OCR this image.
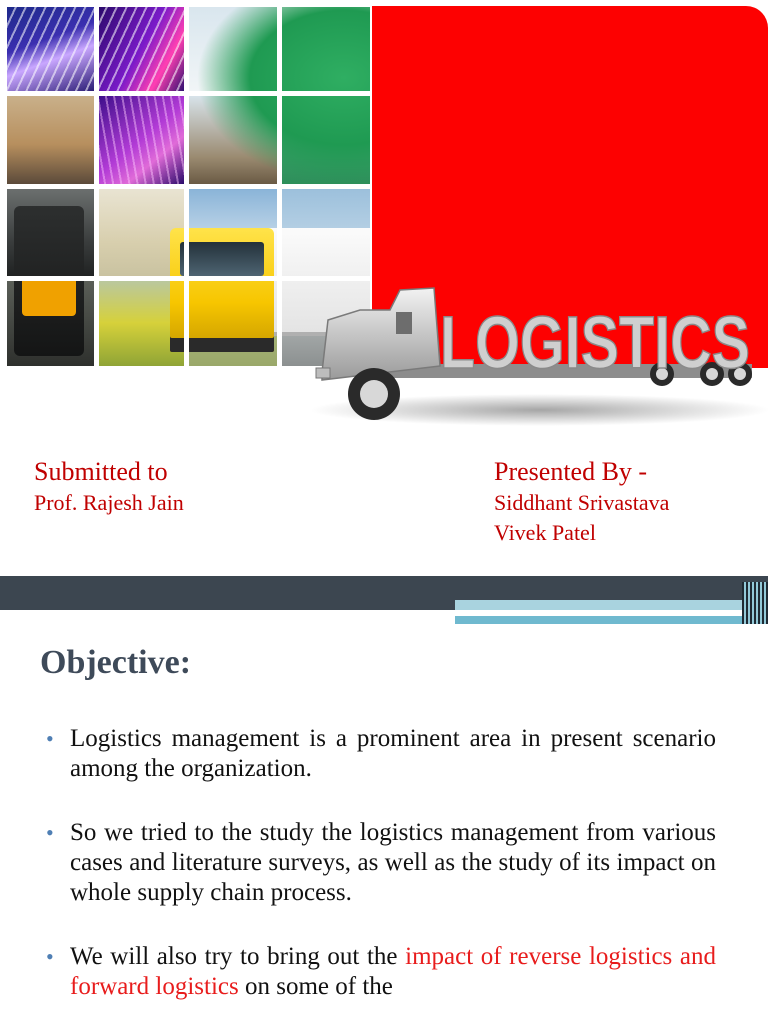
LOGISTICS

Submitted to

Prof. Rajesh Jain

Presented By -

Siddhant Srivastava

Vivek Patel

Objective:
• Logistics management is a prominent area in present scenario among the organization.
• So we tried to the study the logistics management from various cases and literature surveys, as well as the study of its impact on whole supply chain process.
• We will also try to bring out the impact of reverse logistics and forward logistics on some of the
